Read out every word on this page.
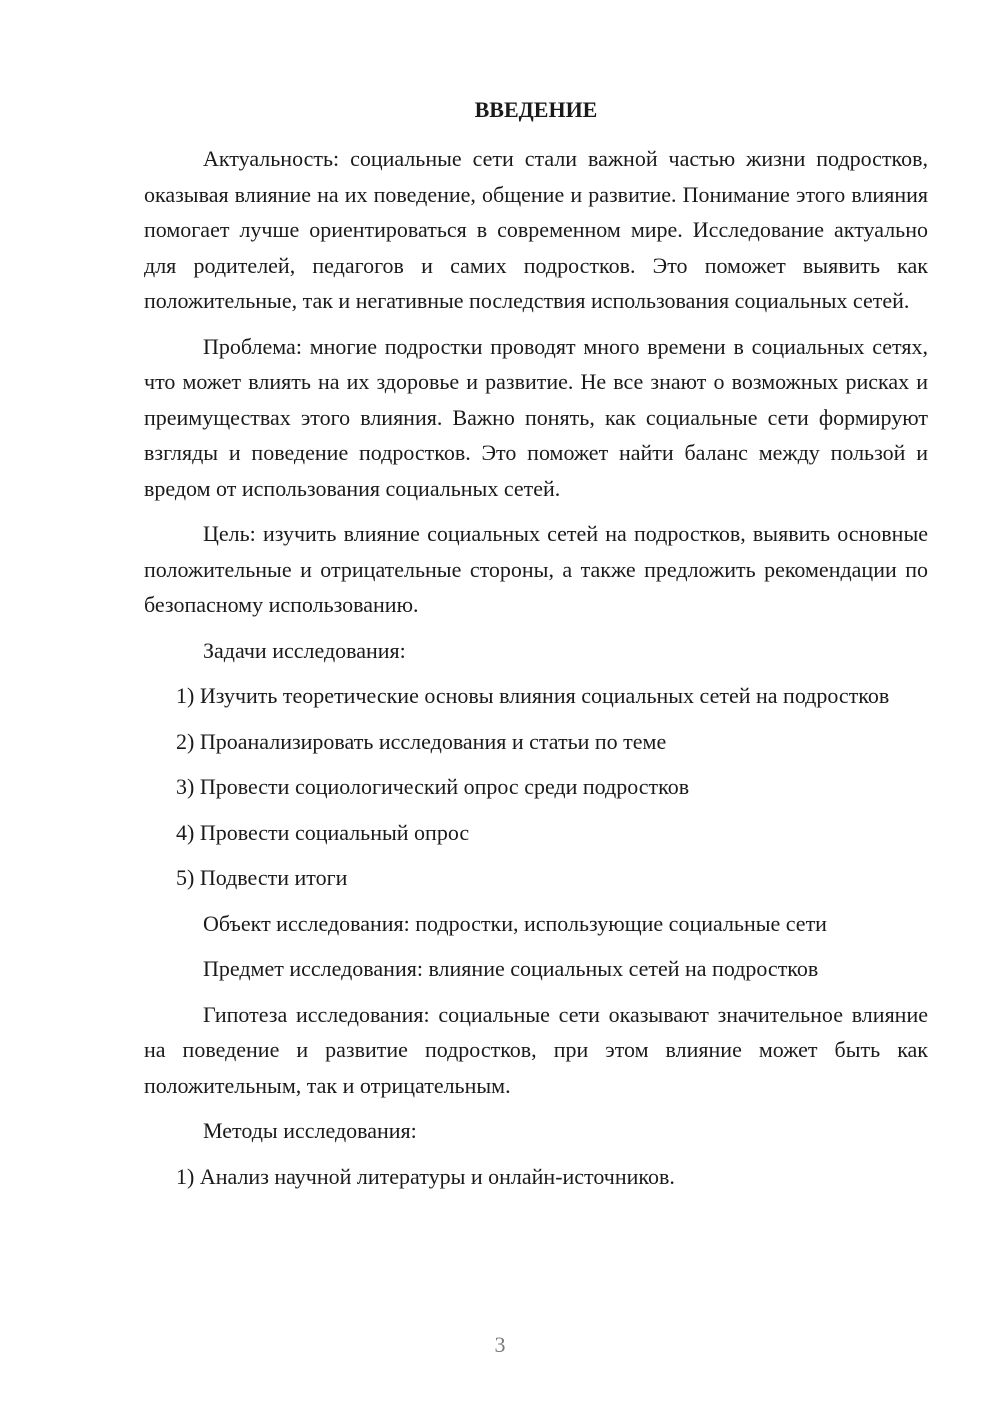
ВВЕДЕНИЕ

Актуальность: социальные сети стали важной частью жизни подростков, оказывая влияние на их поведение, общение и развитие. Понимание этого влияния помогает лучше ориентироваться в современном мире. Исследование актуально для родителей, педагогов и самих подростков. Это поможет выявить как положительные, так и негативные последствия использования социальных сетей.

Проблема: многие подростки проводят много времени в социальных сетях, что может влиять на их здоровье и развитие. Не все знают о возможных рисках и преимуществах этого влияния. Важно понять, как социальные сети формируют взгляды и поведение подростков. Это поможет найти баланс между пользой и вредом от использования социальных сетей.

Цель: изучить влияние социальных сетей на подростков, выявить основные положительные и отрицательные стороны, а также предложить рекомендации по безопасному использованию.

Задачи исследования:

1) Изучить теоретические основы влияния социальных сетей на подростков

2) Проанализировать исследования и статьи по теме

3) Провести социологический опрос среди подростков

4) Провести социальный опрос

5) Подвести итоги

Объект исследования: подростки, использующие социальные сети

Предмет исследования: влияние социальных сетей на подростков

Гипотеза исследования: социальные сети оказывают значительное влияние на поведение и развитие подростков, при этом влияние может быть как положительным, так и отрицательным.

Методы исследования:

1) Анализ научной литературы и онлайн-источников.

3
